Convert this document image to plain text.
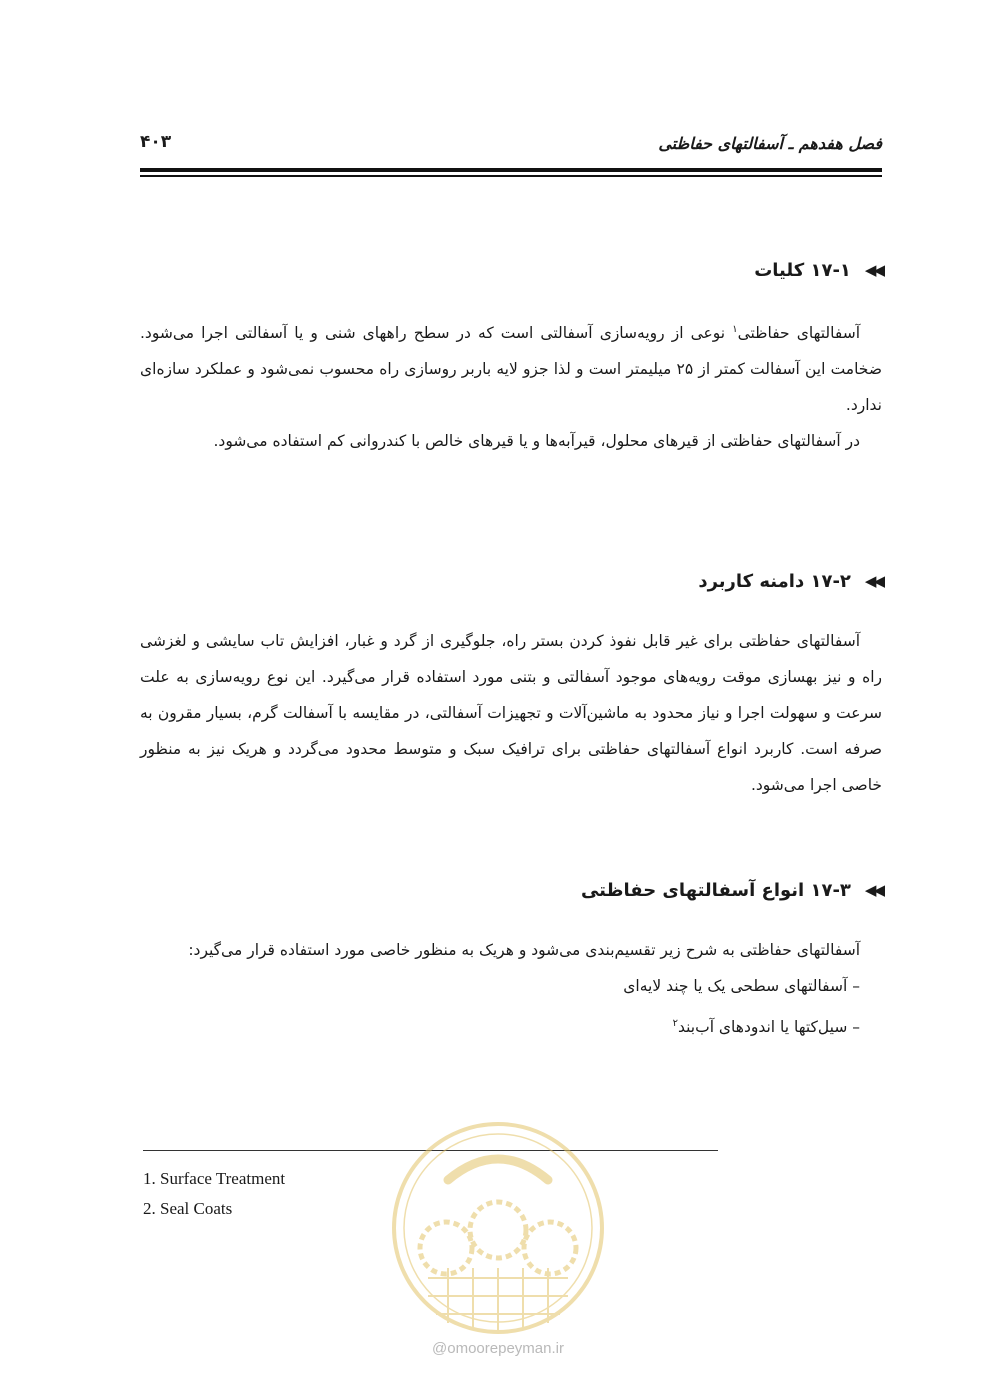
فصل هفدهم ـ آسفالتهای حفاظتی
۴۰۳
◀◀
۱۷-۱ کلیات

آسفالتهای حفاظتی$^۱$ نوعی از رویه‌سازی آسفالتی است که در سطح راههای شنی و یا آسفالتی اجرا می‌شود. ضخامت این آسفالت کمتر از ۲۵ میلیمتر است و لذا جزو لایه باربر روسازی راه محسوب نمی‌شود و عملکرد سازه‌ای ندارد.

در آسفالتهای حفاظتی از قیرهای محلول، قیرآبه‌ها و یا قیرهای خالص با کندروانی کم استفاده می‌شود.

◀◀
۱۷-۲ دامنه کاربرد

آسفالتهای حفاظتی برای غیر قابل نفوذ کردن بستر راه، جلوگیری از گرد و غبار، افزایش تاب سایشی و لغزشی راه و نیز بهسازی موقت رویه‌های موجود آسفالتی و بتنی مورد استفاده قرار می‌گیرد. این نوع رویه‌سازی به علت سرعت و سهولت اجرا و نیاز محدود به ماشین‌آلات و تجهیزات آسفالتی، در مقایسه با آسفالت گرم، بسیار مقرون به صرفه است. کاربرد انواع آسفالتهای حفاظتی برای ترافیک سبک و متوسط محدود می‌گردد و هریک نیز به منظور خاصی اجرا می‌شود.

◀◀
۱۷-۳ انواع آسفالتهای حفاظتی

آسفالتهای حفاظتی به شرح زیر تقسیم‌بندی می‌شود و هریک به منظور خاصی مورد استفاده قرار می‌گیرد:

– آسفالتهای سطحی یک یا چند لایه‌ای
– سیل‌کتها یا اندودهای آب‌بند$^۲$
1. Surface Treatment
2. Seal Coats
@omoorepeyman.ir
